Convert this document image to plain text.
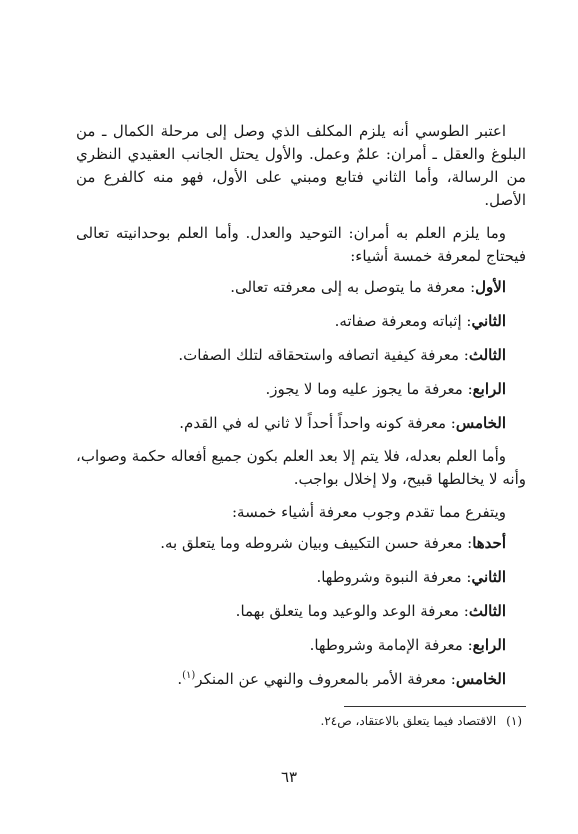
اعتبر الطوسي أنه يلزم المكلف الذي وصل إلى مرحلة الكمال ـ من البلوغ والعقل ـ أمران: علمٌ وعمل. والأول يحتل الجانب العقيدي النظري من الرسالة، وأما الثاني فتابع ومبني على الأول، فهو منه كالفرع من الأصل.

وما يلزم العلم به أمران: التوحيد والعدل. وأما العلم بوحدانيته تعالى فيحتاج لمعرفة خمسة أشياء:

الأول: معرفة ما يتوصل به إلى معرفته تعالى.

الثاني: إثباته ومعرفة صفاته.

الثالث: معرفة كيفية اتصافه واستحقاقه لتلك الصفات.

الرابع: معرفة ما يجوز عليه وما لا يجوز.

الخامس: معرفة كونه واحداً أحداً لا ثاني له في القدم.

وأما العلم بعدله، فلا يتم إلا بعد العلم بكون جميع أفعاله حكمة وصواب، وأنه لا يخالطها قبيح، ولا إخلال بواجب.

ويتفرع مما تقدم وجوب معرفة أشياء خمسة:

أحدها: معرفة حسن التكييف وبيان شروطه وما يتعلق به.

الثاني: معرفة النبوة وشروطها.

الثالث: معرفة الوعد والوعيد وما يتعلق بهما.

الرابع: معرفة الإمامة وشروطها.

الخامس: معرفة الأمر بالمعروف والنهي عن المنكر$^{(١)}$.

(١)الاقتصاد فيما يتعلق بالاعتقاد، ص٢٤.
٦٣
